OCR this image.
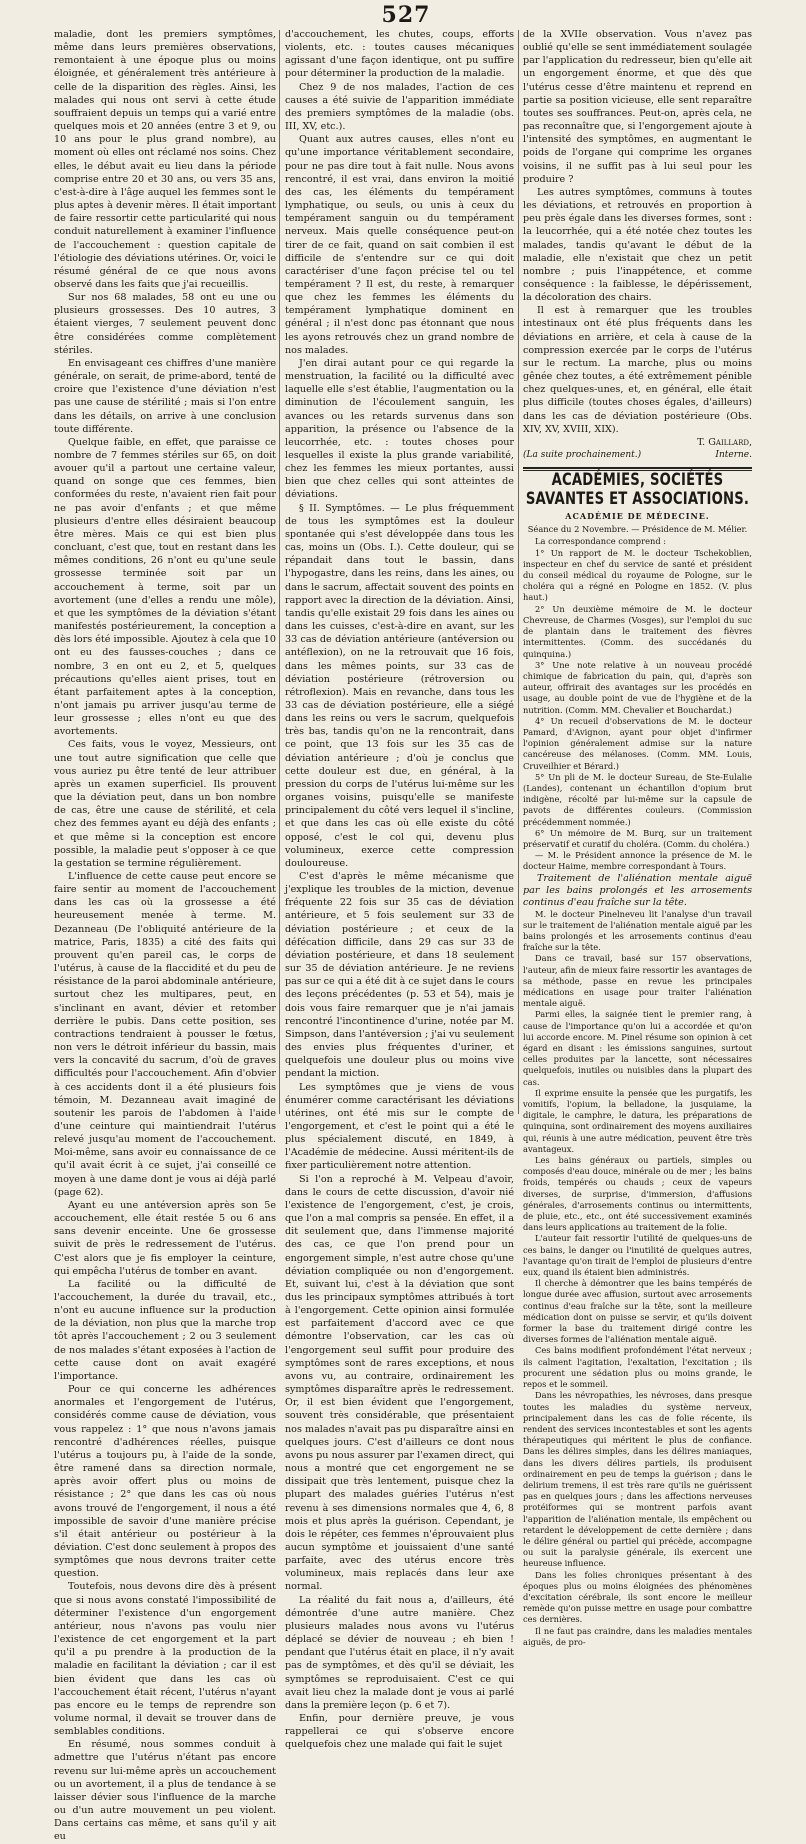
527

maladie, dont les premiers symptômes, même dans leurs premières observations, remontaient à une époque plus ou moins éloignée, et généralement très antérieure à celle de la disparition des règles. Ainsi, les malades qui nous ont servi à cette étude souffraient depuis un temps qui a varié entre quelques mois et 20 années (entre 3 et 9, ou 10 ans pour le plus grand nombre), au moment où elles ont réclamé nos soins. Chez elles, le début avait eu lieu dans la période comprise entre 20 et 30 ans, ou vers 35 ans, c'est-à-dire à l'âge auquel les femmes sont le plus aptes à devenir mères. Il était important de faire ressortir cette particularité qui nous conduit naturellement à examiner l'influence de l'accouchement : question capitale de l'étiologie des déviations utérines. Or, voici le résumé général de ce que nous avons observé dans les faits que j'ai recueillis.

Sur nos 68 malades, 58 ont eu une ou plusieurs grossesses. Des 10 autres, 3 étaient vierges, 7 seulement peuvent donc être considérées comme complètement stériles.

En envisageant ces chiffres d'une manière générale, on serait, de prime-abord, tenté de croire que l'existence d'une déviation n'est pas une cause de stérilité ; mais si l'on entre dans les détails, on arrive à une conclusion toute différente.

Quelque faible, en effet, que paraisse ce nombre de 7 femmes stériles sur 65, on doit avouer qu'il a partout une certaine valeur, quand on songe que ces femmes, bien conformées du reste, n'avaient rien fait pour ne pas avoir d'enfants ; et que même plusieurs d'entre elles désiraient beaucoup être mères. Mais ce qui est bien plus concluant, c'est que, tout en restant dans les mêmes conditions, 26 n'ont eu qu'une seule grossesse terminée soit par un accouchement à terme, soit par un avortement (une d'elles a rendu une môle), et que les symptômes de la déviation s'étant manifestés postérieurement, la conception a dès lors été impossible. Ajoutez à cela que 10 ont eu des fausses-couches ; dans ce nombre, 3 en ont eu 2, et 5, quelques précautions qu'elles aient prises, tout en étant parfaitement aptes à la conception, n'ont jamais pu arriver jusqu'au terme de leur grossesse ; elles n'ont eu que des avortements.

Ces faits, vous le voyez, Messieurs, ont une tout autre signification que celle que vous auriez pu être tenté de leur attribuer après un examen superficiel. Ils prouvent que la déviation peut, dans un bon nombre de cas, être une cause de stérilité, et cela chez des femmes ayant eu déjà des enfants ; et que même si la conception est encore possible, la maladie peut s'opposer à ce que la gestation se termine régulièrement.

L'influence de cette cause peut encore se faire sentir au moment de l'accouchement dans les cas où la grossesse a été heureusement menée à terme. M. Dezanneau (De l'obliquité antérieure de la matrice, Paris, 1835) a cité des faits qui prouvent qu'en pareil cas, le corps de l'utérus, à cause de la flaccidité et du peu de résistance de la paroi abdominale antérieure, surtout chez les multipares, peut, en s'inclinant en avant, dévier et retomber derrière le pubis. Dans cette position, ses contractions tendraient à pousser le fœtus, non vers le détroit inférieur du bassin, mais vers la concavité du sacrum, d'où de graves difficultés pour l'accouchement. Afin d'obvier à ces accidents dont il a été plusieurs fois témoin, M. Dezanneau avait imaginé de soutenir les parois de l'abdomen à l'aide d'une ceinture qui maintiendrait l'utérus relevé jusqu'au moment de l'accouchement. Moi-même, sans avoir eu connaissance de ce qu'il avait écrit à ce sujet, j'ai conseillé ce moyen à une dame dont je vous ai déjà parlé (page 62).

Ayant eu une antéversion après son 5e accouchement, elle était restée 5 ou 6 ans sans devenir enceinte. Une 6e grossesse suivit de près le redressement de l'utérus. C'est alors que je fis employer la ceinture, qui empêcha l'utérus de tomber en avant.

La facilité ou la difficulté de l'accouchement, la durée du travail, etc., n'ont eu aucune influence sur la production de la déviation, non plus que la marche trop tôt après l'accouchement ; 2 ou 3 seulement de nos malades s'étant exposées à l'action de cette cause dont on avait exagéré l'importance.

Pour ce qui concerne les adhérences anormales et l'engorgement de l'utérus, considérés comme cause de déviation, vous vous rappelez : 1° que nous n'avons jamais rencontré d'adhérences réelles, puisque l'utérus a toujours pu, à l'aide de la sonde, être ramené dans sa direction normale, après avoir offert plus ou moins de résistance ; 2° que dans les cas où nous avons trouvé de l'engorgement, il nous a été impossible de savoir d'une manière précise s'il était antérieur ou postérieur à la déviation. C'est donc seulement à propos des symptômes que nous devrons traiter cette question.

Toutefois, nous devons dire dès à présent que si nous avons constaté l'impossibilité de déterminer l'existence d'un engorgement antérieur, nous n'avons pas voulu nier l'existence de cet engorgement et la part qu'il a pu prendre à la production de la maladie en facilitant la déviation ; car il est bien évident que dans les cas où l'accouchement était récent, l'utérus n'ayant pas encore eu le temps de reprendre son volume normal, il devait se trouver dans de semblables conditions.

En résumé, nous sommes conduit à admettre que l'utérus n'étant pas encore revenu sur lui-même après un accouchement ou un avortement, il a plus de tendance à se laisser dévier sous l'influence de la marche ou d'un autre mouvement un peu violent. Dans certains cas même, et sans qu'il y ait eu

d'accouchement, les chutes, coups, efforts violents, etc. : toutes causes mécaniques agissant d'une façon identique, ont pu suffire pour déterminer la production de la maladie.

Chez 9 de nos malades, l'action de ces causes a été suivie de l'apparition immédiate des premiers symptômes de la maladie (obs. III, XV, etc.).

Quant aux autres causes, elles n'ont eu qu'une importance véritablement secondaire, pour ne pas dire tout à fait nulle. Nous avons rencontré, il est vrai, dans environ la moitié des cas, les éléments du tempérament lymphatique, ou seuls, ou unis à ceux du tempérament sanguin ou du tempérament nerveux. Mais quelle conséquence peut-on tirer de ce fait, quand on sait combien il est difficile de s'entendre sur ce qui doit caractériser d'une façon précise tel ou tel tempérament ? Il est, du reste, à remarquer que chez les femmes les éléments du tempérament lymphatique dominent en général ; il n'est donc pas étonnant que nous les ayons retrouvés chez un grand nombre de nos malades.

J'en dirai autant pour ce qui regarde la menstruation, la facilité ou la difficulté avec laquelle elle s'est établie, l'augmentation ou la diminution de l'écoulement sanguin, les avances ou les retards survenus dans son apparition, la présence ou l'absence de la leucorrhée, etc. : toutes choses pour lesquelles il existe la plus grande variabilité, chez les femmes les mieux portantes, aussi bien que chez celles qui sont atteintes de déviations.

§ II. Symptômes. — Le plus fréquemment de tous les symptômes est la douleur spontanée qui s'est développée dans tous les cas, moins un (Obs. I.). Cette douleur, qui se répandait dans tout le bassin, dans l'hypogastre, dans les reins, dans les aines, ou dans le sacrum, affectait souvent des points en rapport avec la direction de la déviation. Ainsi, tandis qu'elle existait 29 fois dans les aines ou dans les cuisses, c'est-à-dire en avant, sur les 33 cas de déviation antérieure (antéversion ou antéflexion), on ne la retrouvait que 16 fois, dans les mêmes points, sur 33 cas de déviation postérieure (rétroversion ou rétroflexion). Mais en revanche, dans tous les 33 cas de déviation postérieure, elle a siégé dans les reins ou vers le sacrum, quelquefois très bas, tandis qu'on ne la rencontrait, dans ce point, que 13 fois sur les 35 cas de déviation antérieure ; d'où je conclus que cette douleur est due, en général, à la pression du corps de l'utérus lui-même sur les organes voisins, puisqu'elle se manifeste principalement du côté vers lequel il s'incline, et que dans les cas où elle existe du côté opposé, c'est le col qui, devenu plus volumineux, exerce cette compression douloureuse.

C'est d'après le même mécanisme que j'explique les troubles de la miction, devenue fréquente 22 fois sur 35 cas de déviation antérieure, et 5 fois seulement sur 33 de déviation postérieure ; et ceux de la défécation difficile, dans 29 cas sur 33 de déviation postérieure, et dans 18 seulement sur 35 de déviation antérieure. Je ne reviens pas sur ce qui a été dit à ce sujet dans le cours des leçons précédentes (p. 53 et 54), mais je dois vous faire remarquer que je n'ai jamais rencontré l'incontinence d'urine, notée par M. Simpson, dans l'antéversion ; j'ai vu seulement des envies plus fréquentes d'uriner, et quelquefois une douleur plus ou moins vive pendant la miction.

Les symptômes que je viens de vous énumérer comme caractérisant les déviations utérines, ont été mis sur le compte de l'engorgement, et c'est le point qui a été le plus spécialement discuté, en 1849, à l'Académie de médecine. Aussi méritent-ils de fixer particulièrement notre attention.

Si l'on a reproché à M. Velpeau d'avoir, dans le cours de cette discussion, d'avoir nié l'existence de l'engorgement, c'est, je crois, que l'on a mal compris sa pensée. En effet, il a dit seulement que, dans l'immense majorité des cas, ce que l'on prend pour un engorgement simple, n'est autre chose qu'une déviation compliquée ou non d'engorgement. Et, suivant lui, c'est à la déviation que sont dus les principaux symptômes attribués à tort à l'engorgement. Cette opinion ainsi formulée est parfaitement d'accord avec ce que démontre l'observation, car les cas où l'engorgement seul suffit pour produire des symptômes sont de rares exceptions, et nous avons vu, au contraire, ordinairement les symptômes disparaître après le redressement. Or, il est bien évident que l'engorgement, souvent très considérable, que présentaient nos malades n'avait pas pu disparaître ainsi en quelques jours. C'est d'ailleurs ce dont nous avons pu nous assurer par l'examen direct, qui nous a montré que cet engorgement ne se dissipait que très lentement, puisque chez la plupart des malades guéries l'utérus n'est revenu à ses dimensions normales que 4, 6, 8 mois et plus après la guérison. Cependant, je dois le répéter, ces femmes n'éprouvaient plus aucun symptôme et jouissaient d'une santé parfaite, avec des utérus encore très volumineux, mais replacés dans leur axe normal.

La réalité du fait nous a, d'ailleurs, été démontrée d'une autre manière. Chez plusieurs malades nous avons vu l'utérus déplacé se dévier de nouveau ; eh bien ! pendant que l'utérus était en place, il n'y avait pas de symptômes, et dès qu'il se déviait, les symptômes se reproduisaient. C'est ce qui avait lieu chez la malade dont je vous ai parlé dans la première leçon (p. 6 et 7).

Enfin, pour dernière preuve, je vous rappellerai ce qui s'observe encore quelquefois chez une malade qui fait le sujet

de la XVIIe observation. Vous n'avez pas oublié qu'elle se sent immédiatement soulagée par l'application du redresseur, bien qu'elle ait un engorgement énorme, et que dès que l'utérus cesse d'être maintenu et reprend en partie sa position vicieuse, elle sent reparaître toutes ses souffrances. Peut-on, après cela, ne pas reconnaître que, si l'engorgement ajoute à l'intensité des symptômes, en augmentant le poids de l'organe qui comprime les organes voisins, il ne suffit pas à lui seul pour les produire ?

Les autres symptômes, communs à toutes les déviations, et retrouvés en proportion à peu près égale dans les diverses formes, sont : la leucorrhée, qui a été notée chez toutes les malades, tandis qu'avant le début de la maladie, elle n'existait que chez un petit nombre ; puis l'inappétence, et comme conséquence : la faiblesse, le dépérissement, la décoloration des chairs.

Il est à remarquer que les troubles intestinaux ont été plus fréquents dans les déviations en arrière, et cela à cause de la compression exercée par le corps de l'utérus sur le rectum. La marche, plus ou moins gênée chez toutes, a été extrêmement pénible chez quelques-unes, et, en général, elle était plus difficile (toutes choses égales, d'ailleurs) dans les cas de déviation postérieure (Obs. XIV, XV, XVIII, XIX).

T. Gaillard,
(La suite prochainement.)	Interne.
ACADÉMIES, SOCIÉTÉS SAVANTES ET ASSOCIATIONS.
ACADÉMIE DE MÉDECINE.
Séance du 2 Novembre. — Présidence de M. Mélier.

La correspondance comprend :

1° Un rapport de M. le docteur Tschekoblien, inspecteur en chef du service de santé et président du conseil médical du royaume de Pologne, sur le choléra qui a régné en Pologne en 1852. (V. plus haut.)

2° Un deuxième mémoire de M. le docteur Chevreuse, de Charmes (Vosges), sur l'emploi du suc de plantain dans le traitement des fièvres intermittentes. (Comm. des succédanés du quinquina.)

3° Une note relative à un nouveau procédé chimique de fabrication du pain, qui, d'après son auteur, offrirait des avantages sur les procédés en usage, au double point de vue de l'hygiène et de la nutrition. (Comm. MM. Chevalier et Bouchardat.)

4° Un recueil d'observations de M. le docteur Pamard, d'Avignon, ayant pour objet d'infirmer l'opinion généralement admise sur la nature cancéreuse des mélanoses. (Comm. MM. Louis, Cruveilhier et Bérard.)

5° Un pli de M. le docteur Sureau, de Ste-Eulalie (Landes), contenant un échantillon d'opium brut indigène, récolté par lui-même sur la capsule de pavots de différentes couleurs. (Commission précédemment nommée.)

6° Un mémoire de M. Burq, sur un traitement préservatif et curatif du choléra. (Comm. du choléra.)

— M. le Président annonce la présence de M. le docteur Haime, membre correspondant à Tours.

Traitement de l'aliénation mentale aiguë par les bains prolongés et les arrosements continus d'eau fraîche sur la tête.

M. le docteur Pinelneveu lit l'analyse d'un travail sur le traitement de l'aliénation mentale aiguë par les bains prolongés et les arrosements continus d'eau fraîche sur la tête.

Dans ce travail, basé sur 157 observations, l'auteur, afin de mieux faire ressortir les avantages de sa méthode, passe en revue les principales médications en usage pour traiter l'aliénation mentale aiguë.

Parmi elles, la saignée tient le premier rang, à cause de l'importance qu'on lui a accordée et qu'on lui accorde encore. M. Pinel résume son opinion à cet égard en disant : les émissions sanguines, surtout celles produites par la lancette, sont nécessaires quelquefois, inutiles ou nuisibles dans la plupart des cas.

Il exprime ensuite la pensée que les purgatifs, les vomitifs, l'opium, la belladone, la jusquiame, la digitale, le camphre, le datura, les préparations de quinquina, sont ordinairement des moyens auxiliaires qui, réunis à une autre médication, peuvent être très avantageux.

Les bains généraux ou partiels, simples ou composés d'eau douce, minérale ou de mer ; les bains froids, tempérés ou chauds ; ceux de vapeurs diverses, de surprise, d'immersion, d'affusions générales, d'arrosements continus ou intermittents, de pluie, etc., etc., ont été successivement examinés dans leurs applications au traitement de la folie.

L'auteur fait ressortir l'utilité de quelques-uns de ces bains, le danger ou l'inutilité de quelques autres, l'avantage qu'on tirait de l'emploi de plusieurs d'entre eux, quand ils étaient bien administrés.

Il cherche à démontrer que les bains tempérés de longue durée avec affusion, surtout avec arrosements continus d'eau fraîche sur la tête, sont la meilleure médication dont on puisse se servir, et qu'ils doivent former la base du traitement dirigé contre les diverses formes de l'aliénation mentale aiguë.

Ces bains modifient profondément l'état nerveux ; ils calment l'agitation, l'exaltation, l'excitation ; ils procurent une sédation plus ou moins grande, le repos et le sommeil.

Dans les névropathies, les névroses, dans presque toutes les maladies du système nerveux, principalement dans les cas de folie récente, ils rendent des services incontestables et sont les agents thérapeutiques qui méritent le plus de confiance. Dans les délires simples, dans les délires maniaques, dans les divers délires partiels, ils produisent ordinairement en peu de temps la guérison ; dans le delirium tremens, il est très rare qu'ils ne guérissent pas en quelques jours ; dans les affections nerveuses protéiformes qui se montrent parfois avant l'apparition de l'aliénation mentale, ils empêchent ou retardent le développement de cette dernière ; dans le délire général ou partiel qui précède, accompagne ou suit la paralysie générale, ils exercent une heureuse influence.

Dans les folies chroniques présentant à des époques plus ou moins éloignées des phénomènes d'excitation cérébrale, ils sont encore le meilleur remède qu'on puisse mettre en usage pour combattre ces dernières.

Il ne faut pas craindre, dans les maladies mentales aiguës, de pro-
